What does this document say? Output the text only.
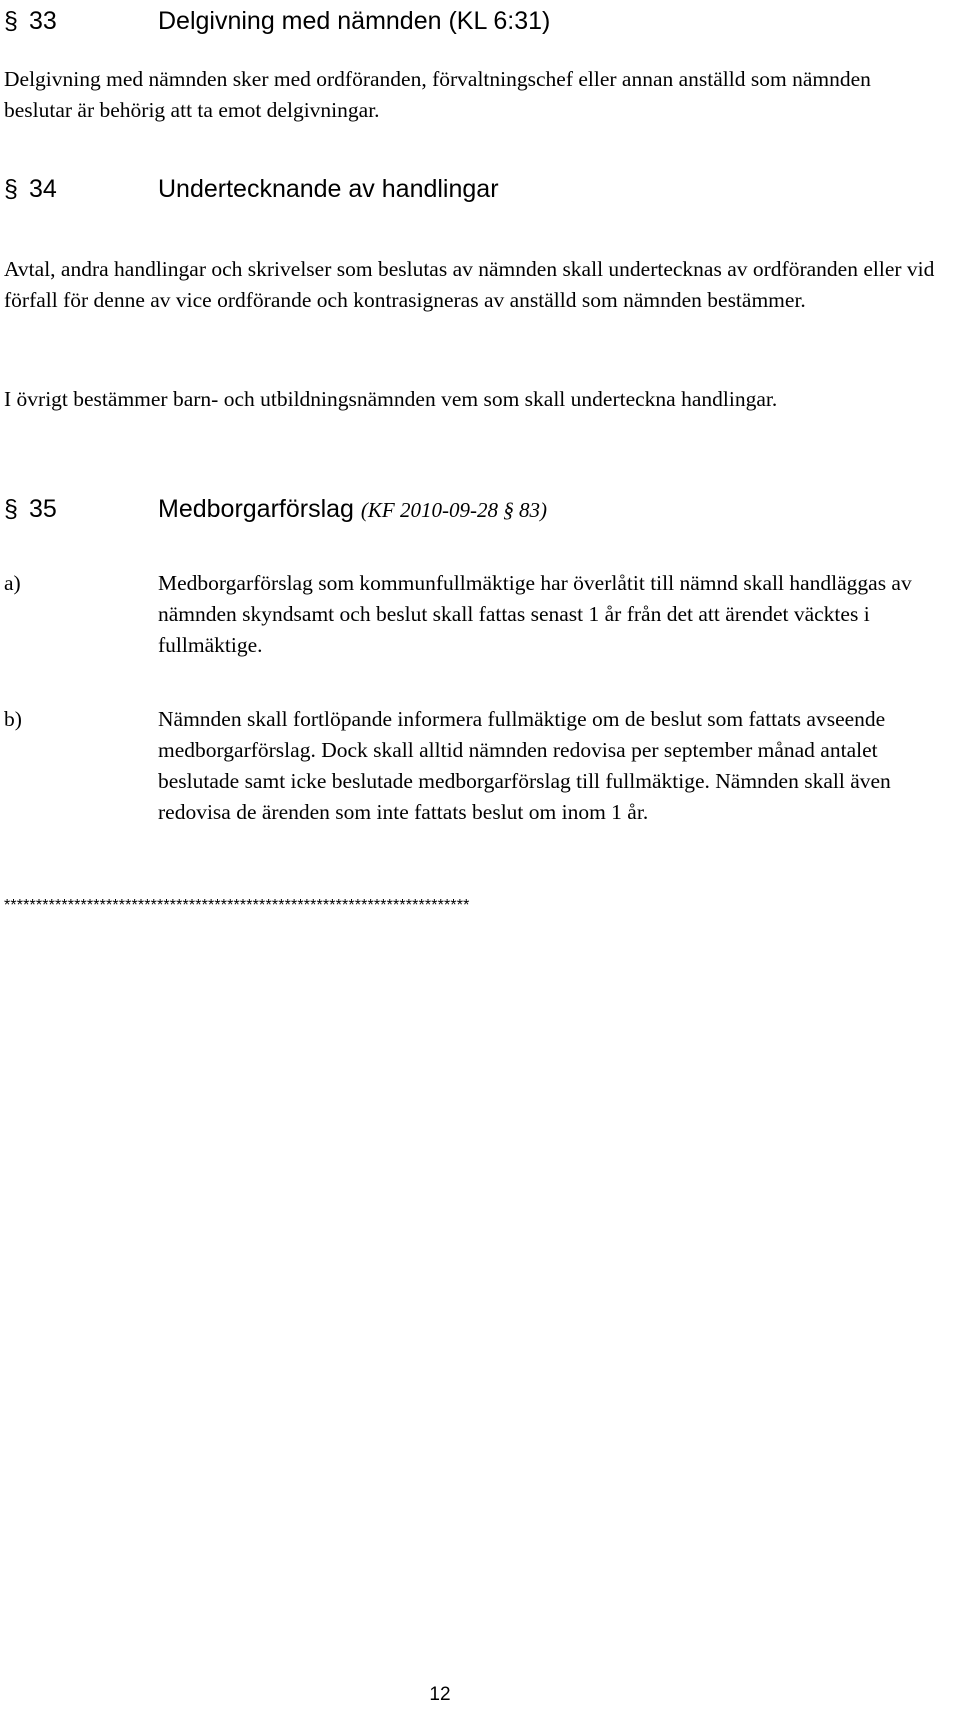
§ 33	Delgivning med nämnden (KL 6:31)

Delgivning med nämnden sker med ordföranden, förvaltningschef eller annan anställd som nämnden beslutar är behörig att ta emot delgivningar.

§ 34	Undertecknande av handlingar

Avtal, andra handlingar och skrivelser som beslutas av nämnden skall undertecknas av ordföranden eller vid förfall för denne av vice ordförande och kontrasigneras av anställd som nämnden bestämmer.

I övrigt bestämmer barn- och utbildningsnämnden vem som skall underteckna handlingar.

§ 35	Medborgarförslag (KF 2010-09-28 § 83)
a)	Medborgarförslag som kommunfullmäktige har överlåtit till nämnd skall handläggas av nämnden skyndsamt och beslut skall fattas senast 1 år från det att ärendet väcktes i fullmäktige.
b)	Nämnden skall fortlöpande informera fullmäktige om de beslut som fattats avseende medborgarförslag. Dock skall alltid nämnden redovisa per september månad antalet beslutade samt icke beslutade medborgarförslag till fullmäktige. Nämnden skall även redovisa de ärenden som inte fattats beslut om inom 1 år.
*************************************************************************
12
